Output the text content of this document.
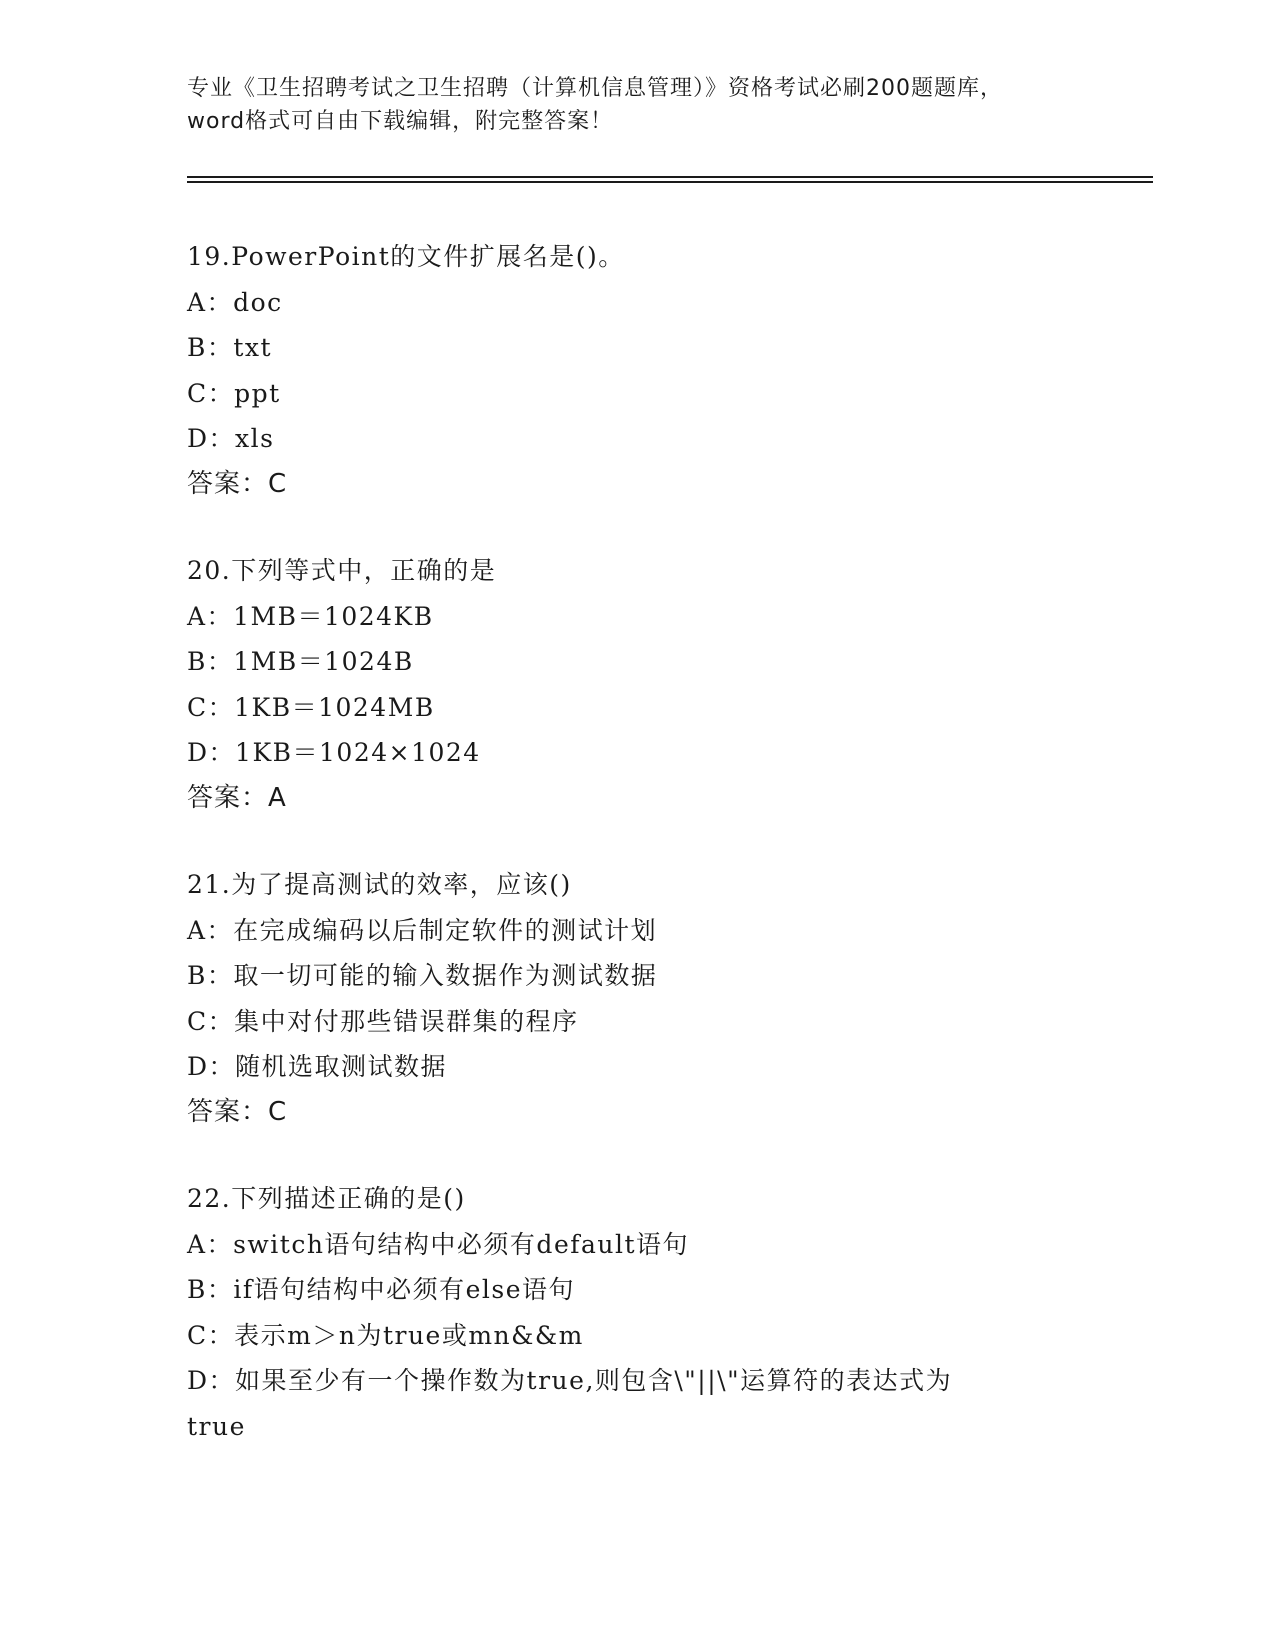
专业《卫生招聘考试之卫生招聘（计算机信息管理）》资格考试必刷200题题库，
word格式可自由下载编辑，附完整答案！
19.PowerPoint的文件扩展名是()。
A：doc
B：txt
C：ppt
D：xls
答案：C
20.下列等式中，正确的是
A：1MB＝1024KB
B：1MB＝1024B
C：1KB＝1024MB
D：1KB＝1024×1024
答案：A
21.为了提高测试的效率，应该()
A：在完成编码以后制定软件的测试计划
B：取一切可能的输入数据作为测试数据
C：集中对付那些错误群集的程序
D：随机选取测试数据
答案：C
22.下列描述正确的是()
A：switch语句结构中必须有default语句
B：if语句结构中必须有else语句
C：表示m＞n为true或mn&&m
D：如果至少有一个操作数为true,则包含\"||\"运算符的表达式为
true
